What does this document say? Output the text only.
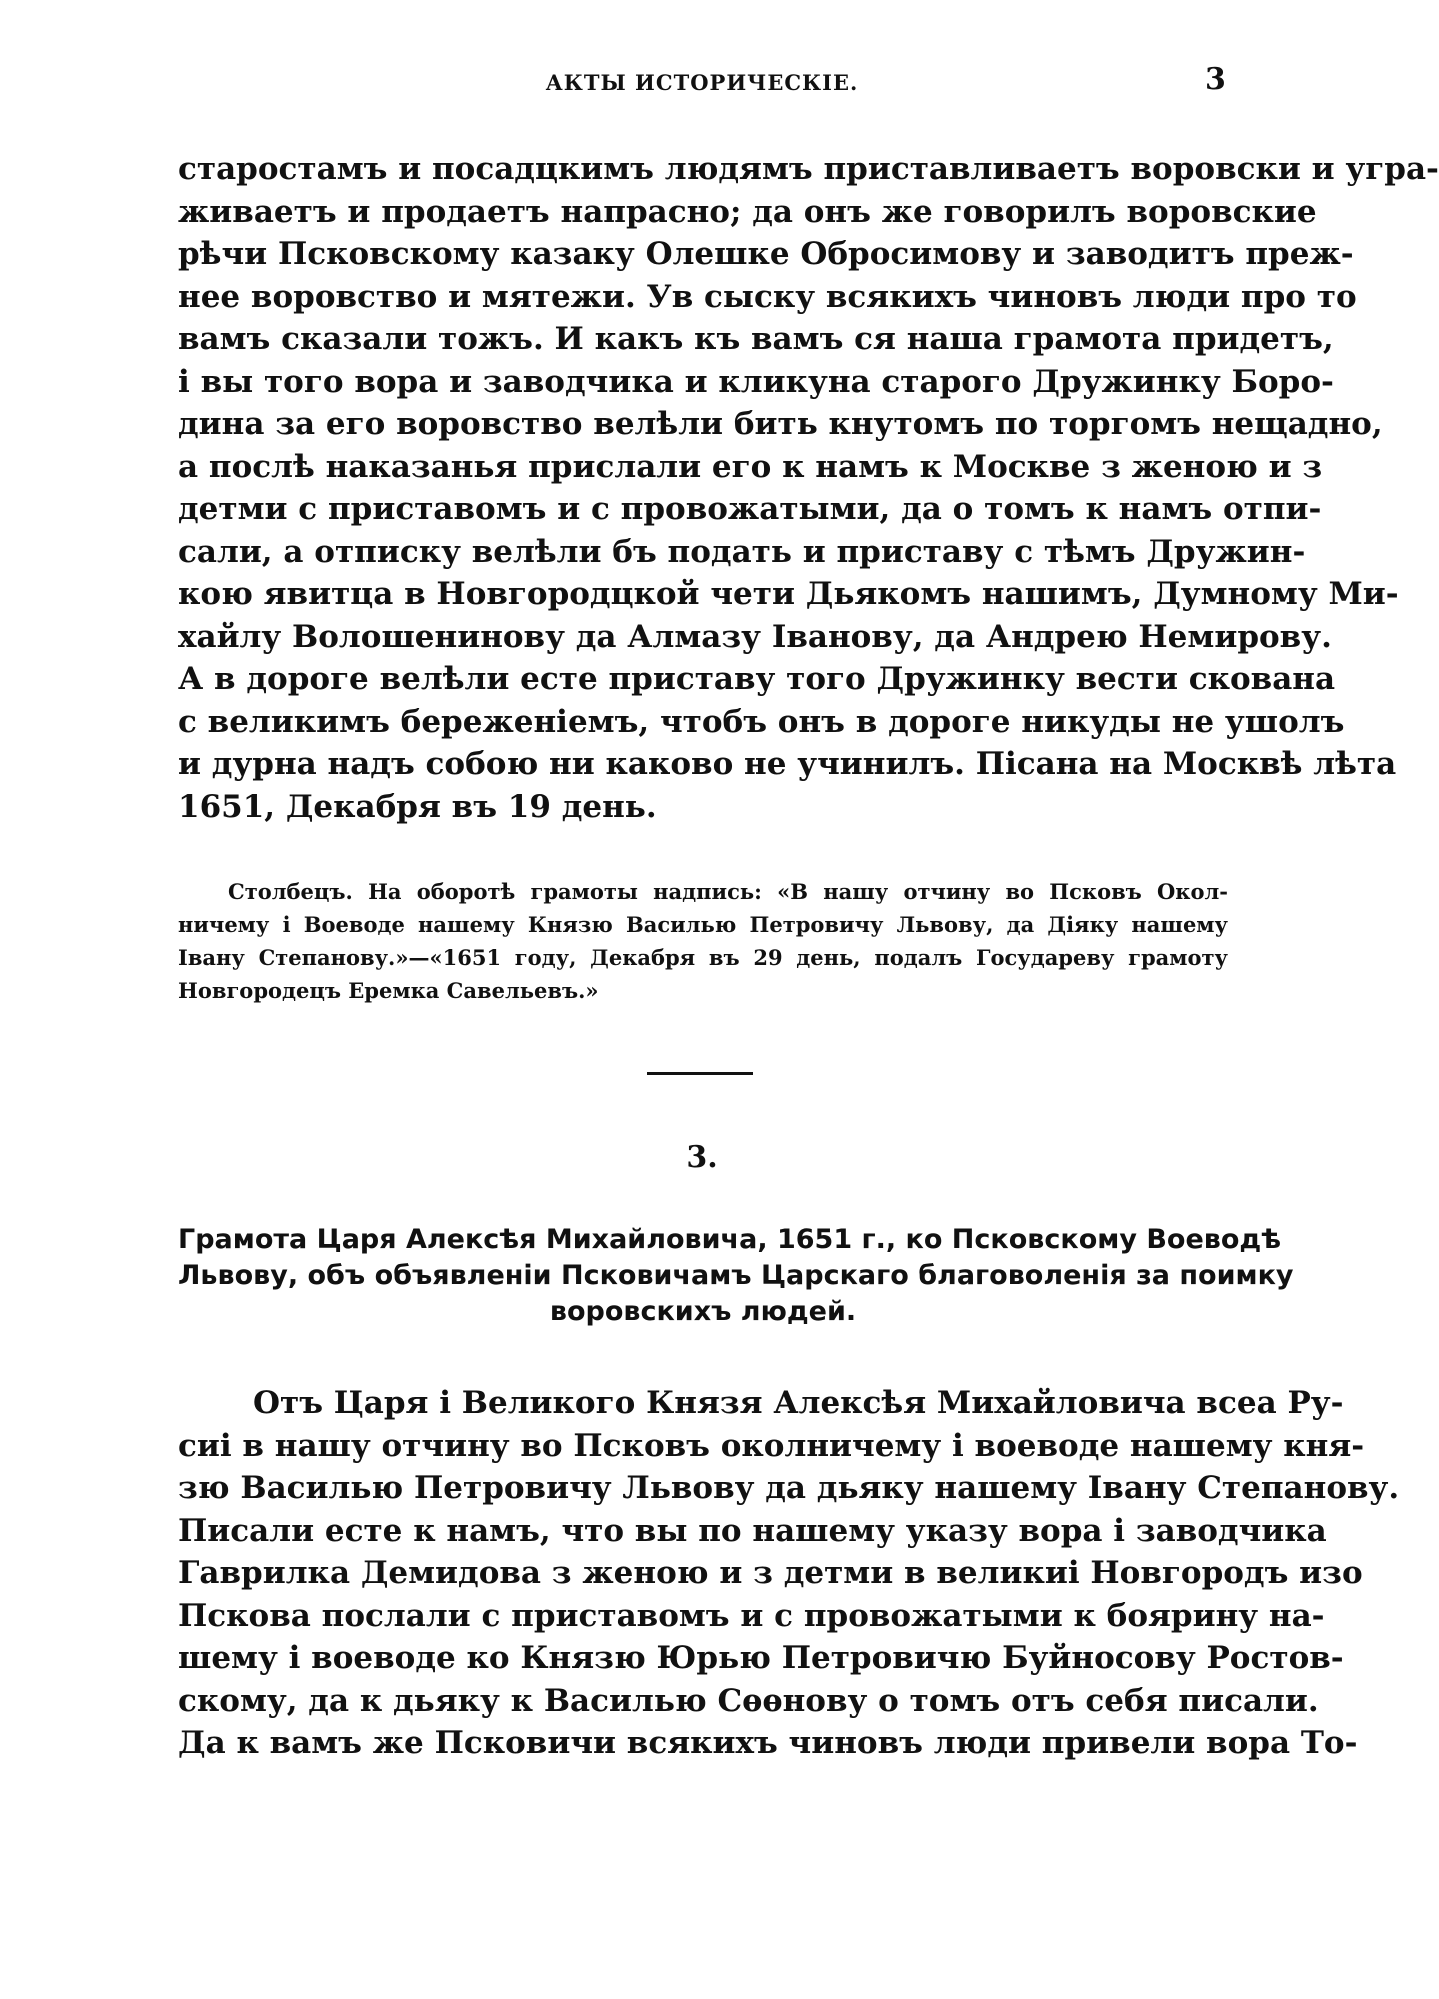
АКТЫ ИСТОРИЧЕСКІЕ.	3
старостамъ и посадцкимъ людямъ приставливаетъ воровски и угра-
живаетъ и продаетъ напрасно; да онъ же говорилъ воровские
рѣчи Псковскому казаку Олешке Обросимову и заводитъ преж-
нее воровство и мятежи. Ув сыску всякихъ чиновъ люди про то
вамъ сказали тожъ. И какъ къ вамъ ся наша грамота придетъ,
і вы того вора и заводчика и кликуна старого Дружинку Боро-
дина за его воровство велѣли бить кнутомъ по торгомъ нещадно,
а послѣ наказанья прислали его к намъ к Москве з женою и з
детми с приставомъ и с провожатыми, да о томъ к намъ отпи-
сали, а отписку велѣли бъ подать и приставу с тѣмъ Дружин-
кою явитца в Новгородцкой чети Дьякомъ нашимъ, Думному Ми-
хайлу Волошенинову да Алмазу Іванову, да Андрею Немирову.
А в дороге велѣли есте приставу того Дружинку вести скована
с великимъ береженіемъ, чтобъ онъ в дороге никуды не ушолъ
и дурна надъ собою ни каково не учинилъ. Пісана на Москвѣ лѣта
1651, Декабря въ 19 день.
Столбецъ. На оборотѣ грамоты надпись: «В нашу отчину во Псковъ Окол-
ничему і Воеводе нашему Князю Василью Петровичу Львову, да Діяку нашему
Івану Степанову.»—«1651 году, Декабря въ 29 день, подалъ Государеву грамоту
Новгородецъ Еремка Савельевъ.»
3.
Грамота Царя Алексѣя Михайловича, 1651 г., ко Псковскому Воеводѣ
Львову, объ объявленіи Псковичамъ Царскаго благоволенія за поимку
воровскихъ людей.
Отъ Царя і Великого Князя Алексѣя Михайловича всеа Ру-
сиі в нашу отчину во Псковъ околничему і воеводе нашему кня-
зю Василью Петровичу Львову да дьяку нашему Івану Степанову.
Писали есте к намъ, что вы по нашему указу вора і заводчика
Гаврилка Демидова з женою и з детми в великиі Новгородъ изо
Пскова послали с приставомъ и с провожатыми к боярину на-
шему і воеводе ко Князю Юрью Петровичю Буйносову Ростов-
скому, да к дьяку к Василью Сѳѳнову о томъ отъ себя писали.
Да к вамъ же Псковичи всякихъ чиновъ люди привели вора То-
